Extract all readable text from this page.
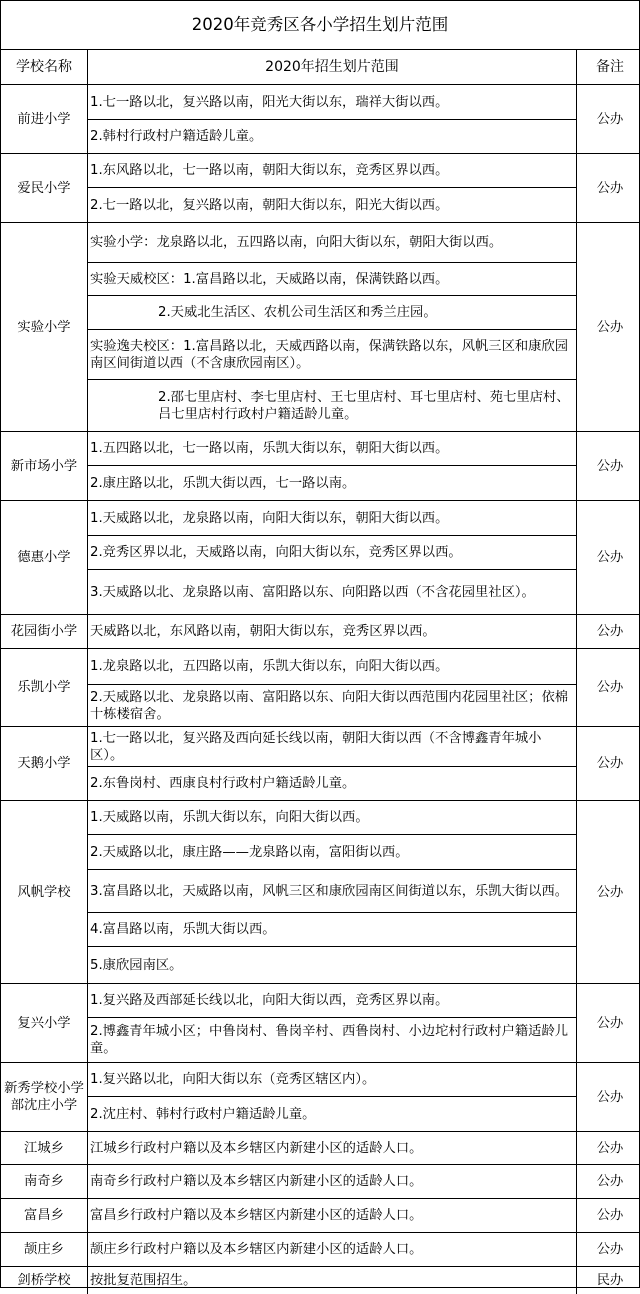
2020年竞秀区各小学招生划片范围
学校名称	2020年招生划片范围	备注
前进小学	1.七一路以北，复兴路以南，阳光大街以东，瑞祥大街以西。	公办
	2.韩村行政村户籍适龄儿童。	
爱民小学	1.东风路以北，七一路以南，朝阳大街以东，竞秀区界以西。	公办
	2.七一路以北，复兴路以南，朝阳大街以东，阳光大街以西。	
实验小学	实验小学：龙泉路以北，五四路以南，向阳大街以东，朝阳大街以西。	公办
	实验天威校区：1.富昌路以北，天威路以南，保满铁路以西。	
	2.天威北生活区、农机公司生活区和秀兰庄园。	
	实验逸夫校区：1.富昌路以北，天威西路以南，保满铁路以东，风帆三区和康欣园南区间街道以西（不含康欣园南区）。	
	2.邵七里店村、李七里店村、王七里店村、耳七里店村、苑七里店村、吕七里店村行政村户籍适龄儿童。	
新市场小学	1.五四路以北，七一路以南，乐凯大街以东，朝阳大街以西。	公办
	2.康庄路以北，乐凯大街以西，七一路以南。	
德惠小学	1.天威路以北，龙泉路以南，向阳大街以东，朝阳大街以西。	公办
	2.竞秀区界以北，天威路以南，向阳大街以东，竞秀区界以西。	
	3.天威路以北、龙泉路以南、富阳路以东、向阳路以西（不含花园里社区）。	
花园街小学	天威路以北，东风路以南，朝阳大街以东，竞秀区界以西。	公办
乐凯小学	1.龙泉路以北，五四路以南，乐凯大街以东，向阳大街以西。	公办
	2.天威路以北、龙泉路以南、富阳路以东、向阳大街以西范围内花园里社区；依棉十栋楼宿舍。	
天鹅小学	1.七一路以北，复兴路及西向延长线以南，朝阳大街以西（不含博鑫青年城小区）。	公办
	2.东鲁岗村、西康良村行政村户籍适龄儿童。	
风帆学校	1.天威路以南，乐凯大街以东，向阳大街以西。	公办
	2.天威路以北，康庄路——龙泉路以南，富阳街以西。	
	3.富昌路以北，天威路以南，风帆三区和康欣园南区间街道以东，乐凯大街以西。	
	4.富昌路以南，乐凯大街以西。	
	5.康欣园南区。	
复兴小学	1.复兴路及西部延长线以北，向阳大街以西，竞秀区界以南。	公办
	2.博鑫青年城小区；中鲁岗村、鲁岗辛村、西鲁岗村、小边坨村行政村户籍适龄儿童。	
新秀学校小学部沈庄小学	1.复兴路以北，向阳大街以东（竞秀区辖区内）。	公办
	2.沈庄村、韩村行政村户籍适龄儿童。	
江城乡	江城乡行政村户籍以及本乡辖区内新建小区的适龄人口。	公办
南奇乡	南奇乡行政村户籍以及本乡辖区内新建小区的适龄人口。	公办
富昌乡	富昌乡行政村户籍以及本乡辖区内新建小区的适龄人口。	公办
颉庄乡	颉庄乡行政村户籍以及本乡辖区内新建小区的适龄人口。	公办
剑桥学校	按批复范围招生。	民办
